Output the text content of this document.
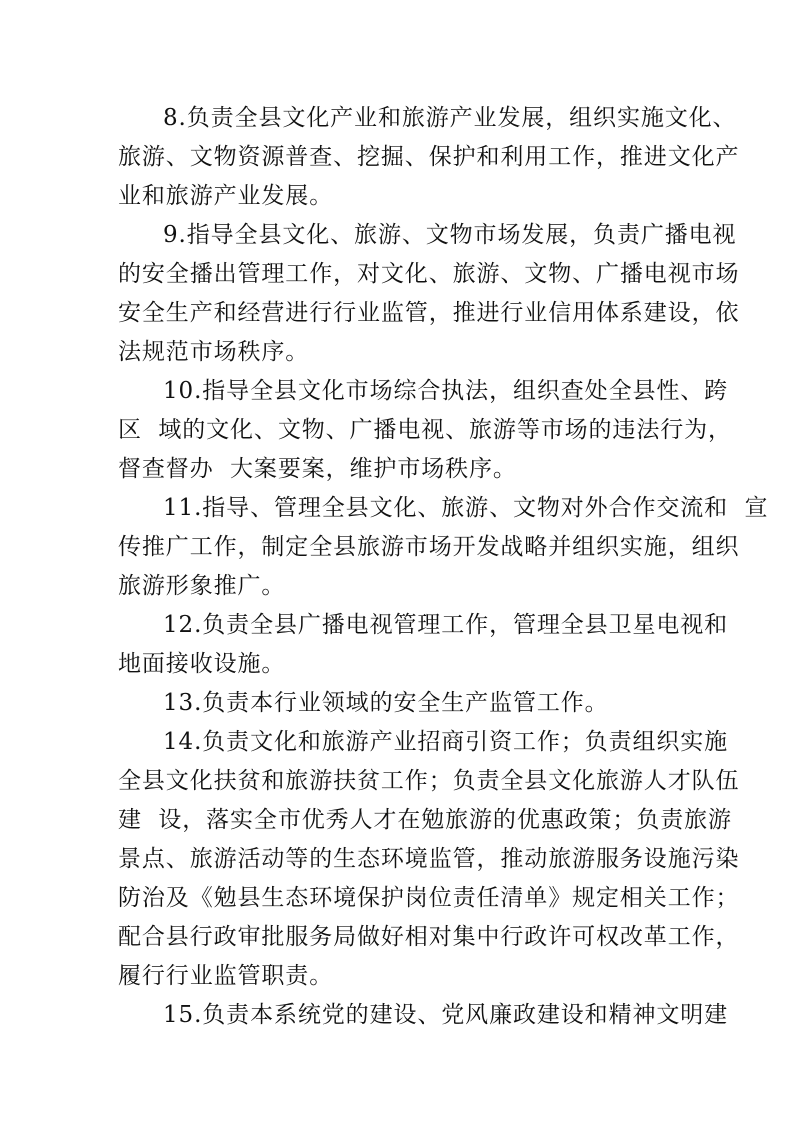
8.负责全县文化产业和旅游产业发展，组织实施文化、
旅游、文物资源普查、挖掘、保护和利用工作，推进文化产
业和旅游产业发展。
9.指导全县文化、旅游、文物市场发展，负责广播电视
的安全播出管理工作，对文化、旅游、文物、广播电视市场
安全生产和经营进行行业监管，推进行业信用体系建设，依
法规范市场秩序。
10.指导全县文化市场综合执法，组织查处全县性、跨
区  域的文化、文物、广播电视、旅游等市场的违法行为，
督查督办  大案要案，维护市场秩序。
11.指导、管理全县文化、旅游、文物对外合作交流和  宣
传推广工作，制定全县旅游市场开发战略并组织实施，组织
旅游形象推广。
12.负责全县广播电视管理工作，管理全县卫星电视和
地面接收设施。
13.负责本行业领域的安全生产监管工作。
14.负责文化和旅游产业招商引资工作；负责组织实施
全县文化扶贫和旅游扶贫工作；负责全县文化旅游人才队伍
建  设，落实全市优秀人才在勉旅游的优惠政策；负责旅游
景点、旅游活动等的生态环境监管，推动旅游服务设施污染
防治及《勉县生态环境保护岗位责任清单》规定相关工作；
配合县行政审批服务局做好相对集中行政许可权改革工作，
履行行业监管职责。
15.负责本系统党的建设、党风廉政建设和精神文明建
